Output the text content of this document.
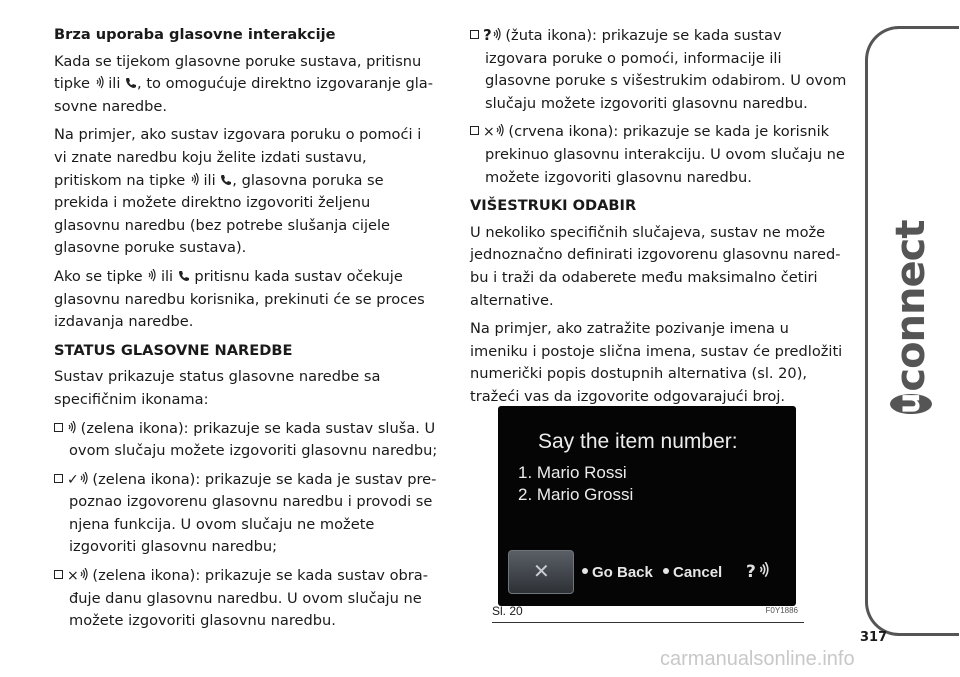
Brza uporaba glasovne interakcije

Kada se tijekom glasovne poruke sustava, pritisnu tipke ili , to omogućuje direktno izgovaranje glasovne naredbe.

Na primjer, ako sustav izgovara poruku o pomoći i vi znate naredbu koju želite izdati sustavu, pritiskom na tipke ili , glasovna poruka se prekida i možete direktno izgovoriti željenu glasovnu naredbu (bez potrebe slušanja cijele glasovne poruke sustava).

Ako se tipke ili pritisnu kada sustav očekuje glasovnu naredbu korisnika, prekinuti će se proces izdavanja naredbe.

STATUS GLASOVNE NAREDBE

Sustav prikazuje status glasovne naredbe sa specifičnim ikonama:

(zelena ikona): prikazuje se kada sustav sluša. U ovom slučaju možete izgovoriti glasovnu naredbu;

✓ (zelena ikona): prikazuje se kada je sustav prepoznao izgovorenu glasovnu naredbu i provodi se njena funkcija. U ovom slučaju ne možete izgovoriti glasovnu naredbu;

× (zelena ikona): prikazuje se kada sustav obrađuje danu glasovnu naredbu. U ovom slučaju ne možete izgovoriti glasovnu naredbu.

? (žuta ikona): prikazuje se kada sustav izgovara poruke o pomoći, informacije ili glasovne poruke s višestrukim odabirom. U ovom slučaju možete izgovoriti glasovnu naredbu.

× (crvena ikona): prikazuje se kada je korisnik prekinuo glasovnu interakciju. U ovom slučaju ne možete izgovoriti glasovnu naredbu.

VIŠESTRUKI ODABIR

U nekoliko specifičnih slučajeva, sustav ne može jednoznačno definirati izgovorenu glasovnu naredbu i traži da odaberete među maksimalno četiri alternative.

Na primjer, ako zatražite pozivanje imena u imeniku i postoje slična imena, sustav će predložiti numerički popis dostupnih alternativa (sl. 20), tražeći vas da izgovorite odgovarajući broj.

Say the item number:
1. Mario Rossi
2. Mario Grossi
✕	Go Back Cancel ?
Sl. 20	F0Y1886
u
connect
317
carmanualsonline.info
